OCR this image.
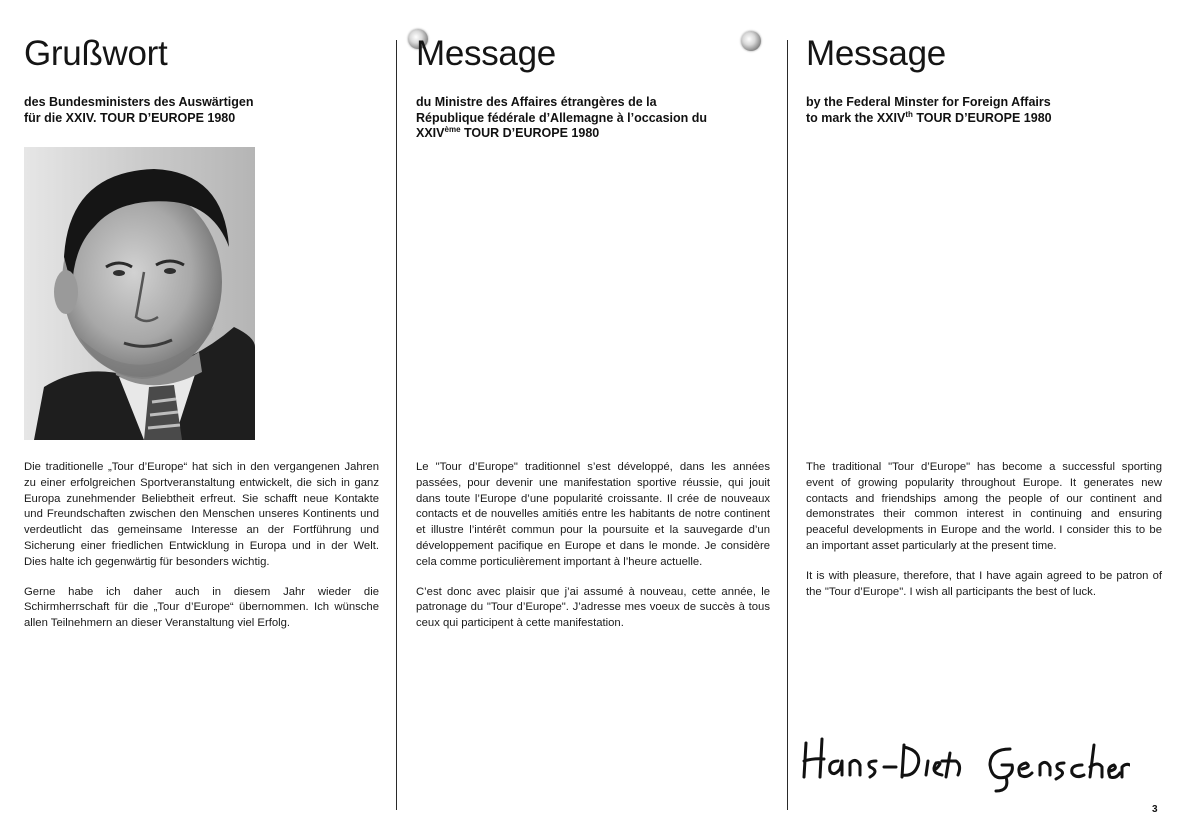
Grußwort
des Bundesministers des Auswärtigen
für die XXIV. TOUR D’EUROPE 1980

Die traditionelle „Tour d’Europe“ hat sich in den vergangenen Jahren zu einer erfolgreichen Sportveranstaltung entwickelt, die sich in ganz Europa zunehmender Beliebtheit erfreut. Sie schafft neue Kontakte und Freundschaften zwischen den Menschen unseres Kontinents und verdeutlicht das gemeinsame Interesse an der Fortführung und Sicherung einer friedlichen Entwicklung in Europa und in der Welt. Dies halte ich gegenwärtig für besonders wichtig.

Gerne habe ich daher auch in diesem Jahr wieder die Schirmherrschaft für die „Tour d’Europe“ übernommen. Ich wünsche allen Teilnehmern an dieser Veranstaltung viel Erfolg.

Message
du Ministre des Affaires étrangères de la
République fédérale d’Allemagne à l’occasion du
XXIVème TOUR D’EUROPE 1980

Le "Tour d’Europe" traditionnel s’est développé, dans les années passées, pour devenir une manifestation sportive réussie, qui jouit dans toute l’Europe d’une popularité croissante. Il crée de nouveaux contacts et de nouvelles amitiés entre les habitants de notre continent et illustre l’intérêt commun pour la poursuite et la sauvegarde d’un développement pacifique en Europe et dans le monde. Je considère cela comme porticulièrement important à l’heure actuelle.

C’est donc avec plaisir que j’ai assumé à nouveau, cette année, le patronage du "Tour d’Europe". J’adresse mes voeux de succès à tous ceux qui participent à cette manifestation.

Message
by the Federal Minster for Foreign Affairs
to mark the XXIVth TOUR D’EUROPE 1980

The traditional "Tour d’Europe" has become a successful sporting event of growing popularity throughout Europe. It generates new contacts and friendships among the people of our continent and demonstrates their common interest in continuing and ensuring peaceful developments in Europe and the world. I consider this to be an important asset particularly at the present time.

It is with pleasure, therefore, that I have again agreed to be patron of the "Tour d’Europe". I wish all participants the best of luck.

3
